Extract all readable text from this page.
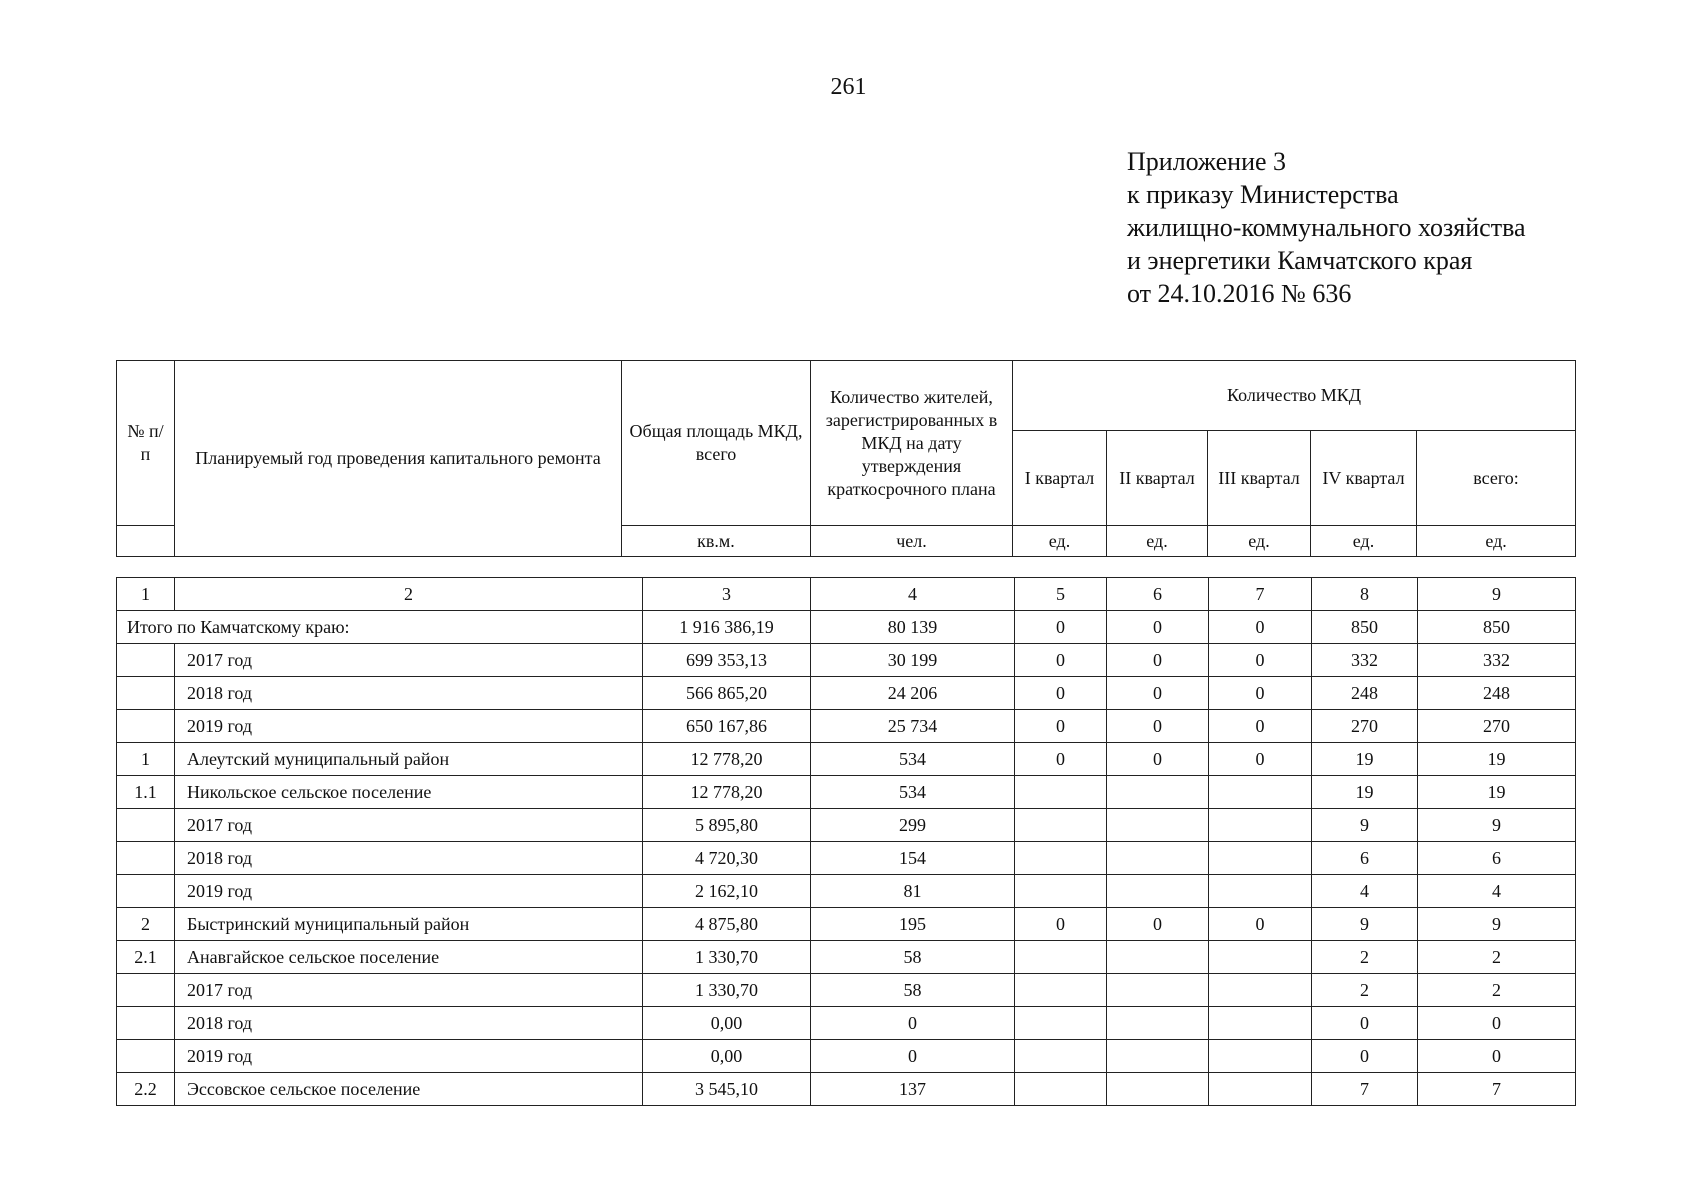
261
Приложение 3
к приказу Министерства
жилищно-коммунального хозяйства
и энергетики Камчатского края
от 24.10.2016 № 636
№ п/п	Планируемый год проведения капитального ремонта	Общая площадь МКД, всего	Количество жителей, зарегистрированных в МКД на дату утверждения краткосрочного плана	Количество МКД				
				I квартал	II квартал	III квартал	IV квартал	всего:
		кв.м.	чел.	ед.	ед.	ед.	ед.	ед.
1	2	3	4	5	6	7	8	9
Итого по Камчатскому краю:		1 916 386,19	80 139	0	0	0	850	850
	2017 год	699 353,13	30 199	0	0	0	332	332
	2018 год	566 865,20	24 206	0	0	0	248	248
	2019 год	650 167,86	25 734	0	0	0	270	270
1	Алеутский муниципальный район	12 778,20	534	0	0	0	19	19
1.1	Никольское сельское поселение	12 778,20	534				19	19
	2017 год	5 895,80	299				9	9
	2018 год	4 720,30	154				6	6
	2019 год	2 162,10	81				4	4
2	Быстринский муниципальный район	4 875,80	195	0	0	0	9	9
2.1	Анавгайское сельское поселение	1 330,70	58				2	2
	2017 год	1 330,70	58				2	2
	2018 год	0,00	0				0	0
	2019 год	0,00	0				0	0
2.2	Эссовское сельское поселение	3 545,10	137				7	7
